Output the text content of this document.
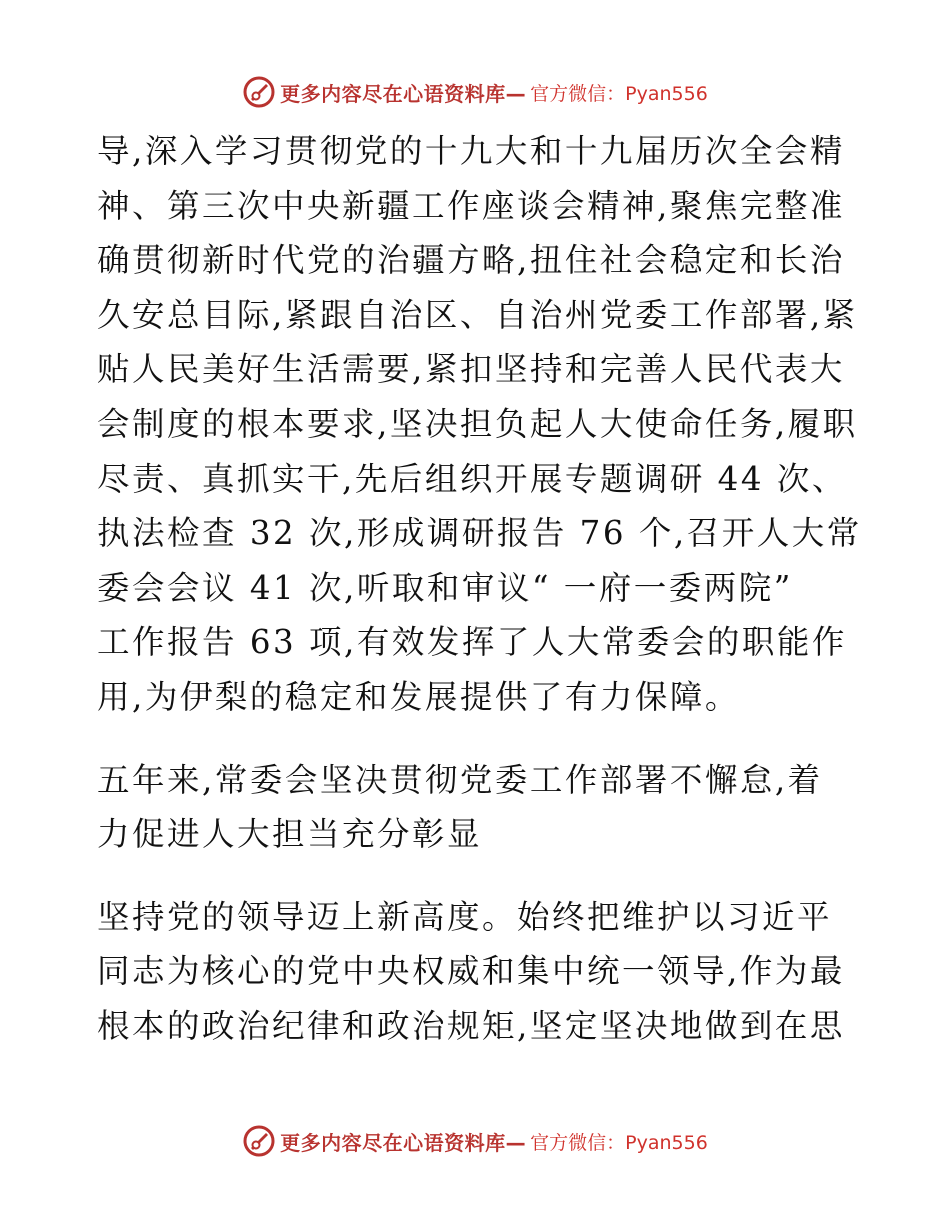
更多内容尽在心语资料库— 官方微信：Pyan556
导,深入学习贯彻党的十九大和十九届历次全会精
神、第三次中央新疆工作座谈会精神,聚焦完整准
确贯彻新时代党的治疆方略,扭住社会稳定和长治
久安总目际,紧跟自治区、自治州党委工作部署,紧
贴人民美好生活需要,紧扣坚持和完善人民代表大
会制度的根本要求,坚决担负起人大使命任务,履职
尽责、真抓实干,先后组织开展专题调研 44 次、
执法检查 32 次,形成调研报告 76 个,召开人大常
委会会议 41 次,听取和审议“ 一府一委两院”
工作报告 63 项,有效发挥了人大常委会的职能作
用,为伊梨的稳定和发展提供了有力保障。
五年来,常委会坚决贯彻党委工作部署不懈怠,着
力促进人大担当充分彰显
坚持党的领导迈上新高度。始终把维护以习近平
同志为核心的党中央权威和集中统一领导,作为最
根本的政治纪律和政治规矩,坚定坚决地做到在思
更多内容尽在心语资料库— 官方微信：Pyan556
